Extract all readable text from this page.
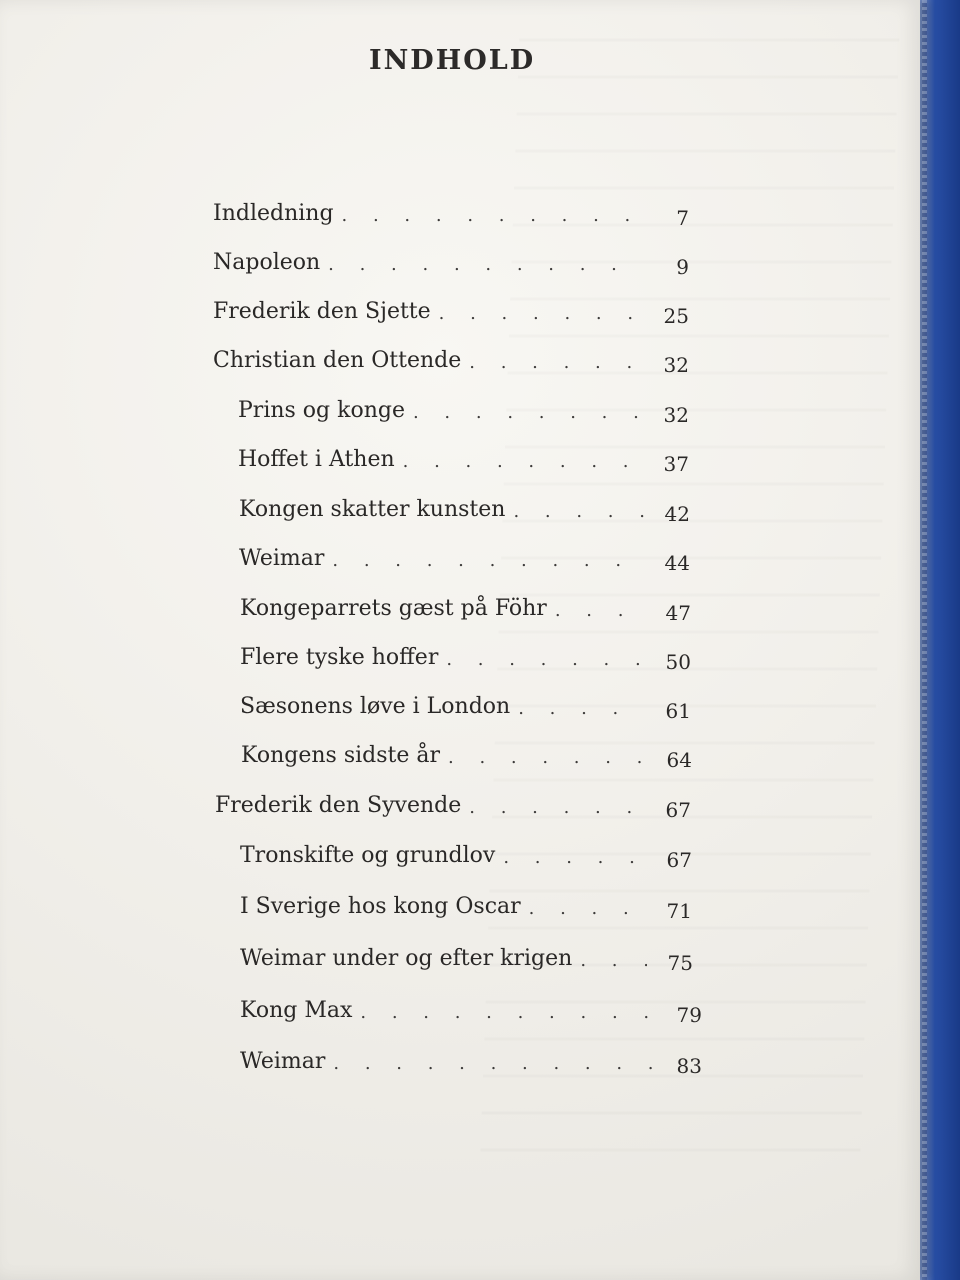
INDHOLD
Indledning . . .	7
Napoleon . . .	9
Frederik den Sjette . . .	25
Christian den Ottende . . .	32
Prins og konge . . .	32
Hoffet i Athen . . .	37
Kongen skatter kunsten . . .	42
Weimar . . .	44
Kongeparrets gæst på Föhr . . .	47
Flere tyske hoffer . . .	50
Sæsonens løve i London . . .	61
Kongens sidste år . . .	64
Frederik den Syvende . . .	67
Tronskifte og grundlov . . .	67
I Sverige hos kong Oscar . . .	71
Weimar under og efter krigen . . .	75
Kong Max . . .	79
Weimar . . .	83
